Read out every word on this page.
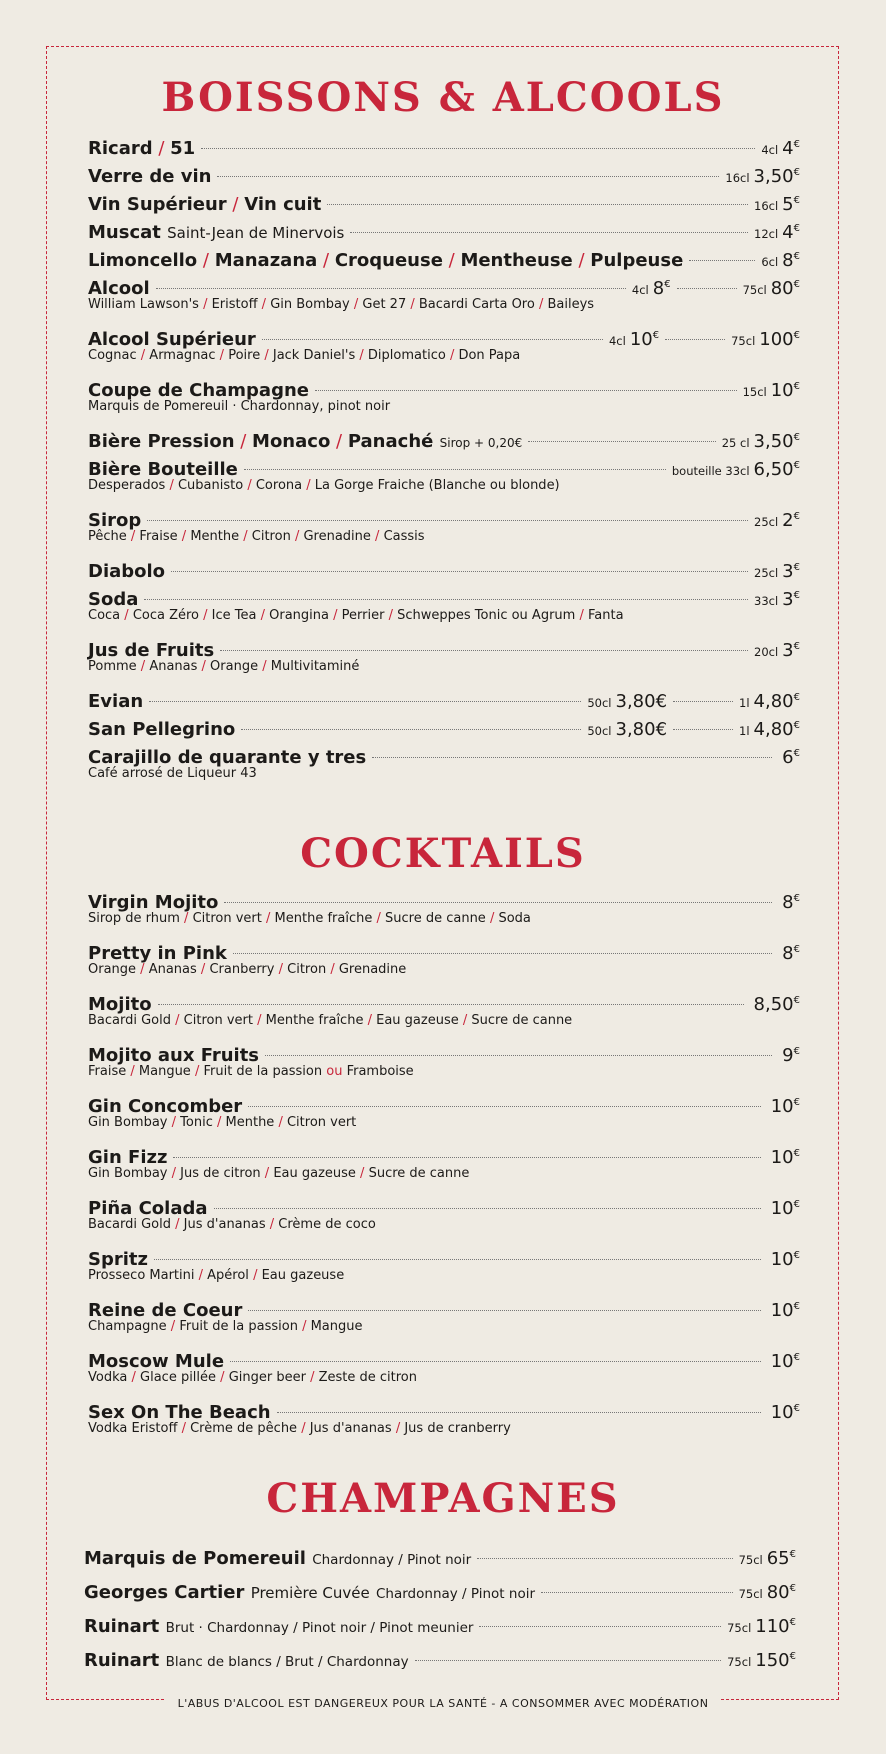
BOISSONS & ALCOOLS
Ricard / 51	4cl 4€
Verre de vin	16cl 3,50€
Vin Supérieur / Vin cuit	16cl 5€
Muscat Saint-Jean de Minervois	12cl 4€
Limoncello / Manazana / Croqueuse / Mentheuse / Pulpeuse	6cl 8€
Alcool	4cl 8€	75cl 80€
William Lawson's / Eristoff / Gin Bombay / Get 27 / Bacardi Carta Oro / Baileys
Alcool Supérieur	4cl 10€	75cl 100€
Cognac / Armagnac / Poire / Jack Daniel's / Diplomatico / Don Papa
Coupe de Champagne	15cl 10€
Marquis de Pomereuil · Chardonnay, pinot noir
Bière Pression / Monaco / Panaché Sirop + 0,20€	25 cl 3,50€
Bière Bouteille	bouteille 33cl 6,50€
Desperados / Cubanisto / Corona / La Gorge Fraiche (Blanche ou blonde)
Sirop	25cl 2€
Pêche / Fraise / Menthe / Citron / Grenadine / Cassis
Diabolo	25cl 3€
Soda	33cl 3€
Coca / Coca Zéro / Ice Tea / Orangina / Perrier / Schweppes Tonic ou Agrum / Fanta
Jus de Fruits	20cl 3€
Pomme / Ananas / Orange / Multivitaminé
Evian	50cl 3,80€	1l 4,80€
San Pellegrino	50cl 3,80€	1l 4,80€
Carajillo de quarante y tres	6€
Café arrosé de Liqueur 43
COCKTAILS
Virgin Mojito	8€
Sirop de rhum / Citron vert / Menthe fraîche / Sucre de canne / Soda
Pretty in Pink	8€
Orange / Ananas / Cranberry / Citron / Grenadine
Mojito	8,50€
Bacardi Gold / Citron vert / Menthe fraîche / Eau gazeuse / Sucre de canne
Mojito aux Fruits	9€
Fraise / Mangue / Fruit de la passion ou Framboise
Gin Concomber	10€
Gin Bombay / Tonic / Menthe / Citron vert
Gin Fizz	10€
Gin Bombay / Jus de citron / Eau gazeuse / Sucre de canne
Piña Colada	10€
Bacardi Gold / Jus d'ananas / Crème de coco
Spritz	10€
Prosseco Martini / Apérol / Eau gazeuse
Reine de Coeur	10€
Champagne / Fruit de la passion / Mangue
Moscow Mule	10€
Vodka / Glace pillée / Ginger beer / Zeste de citron
Sex On The Beach	10€
Vodka Eristoff / Crème de pêche / Jus d'ananas / Jus de cranberry
CHAMPAGNES
Marquis de Pomereuil Chardonnay / Pinot noir	75cl 65€
Georges Cartier Première Cuvée Chardonnay / Pinot noir	75cl 80€
Ruinart Brut · Chardonnay / Pinot noir / Pinot meunier	75cl 110€
Ruinart Blanc de blancs / Brut / Chardonnay	75cl 150€
L'ABUS D'ALCOOL EST DANGEREUX POUR LA SANTÉ - A CONSOMMER AVEC MODÉRATION
